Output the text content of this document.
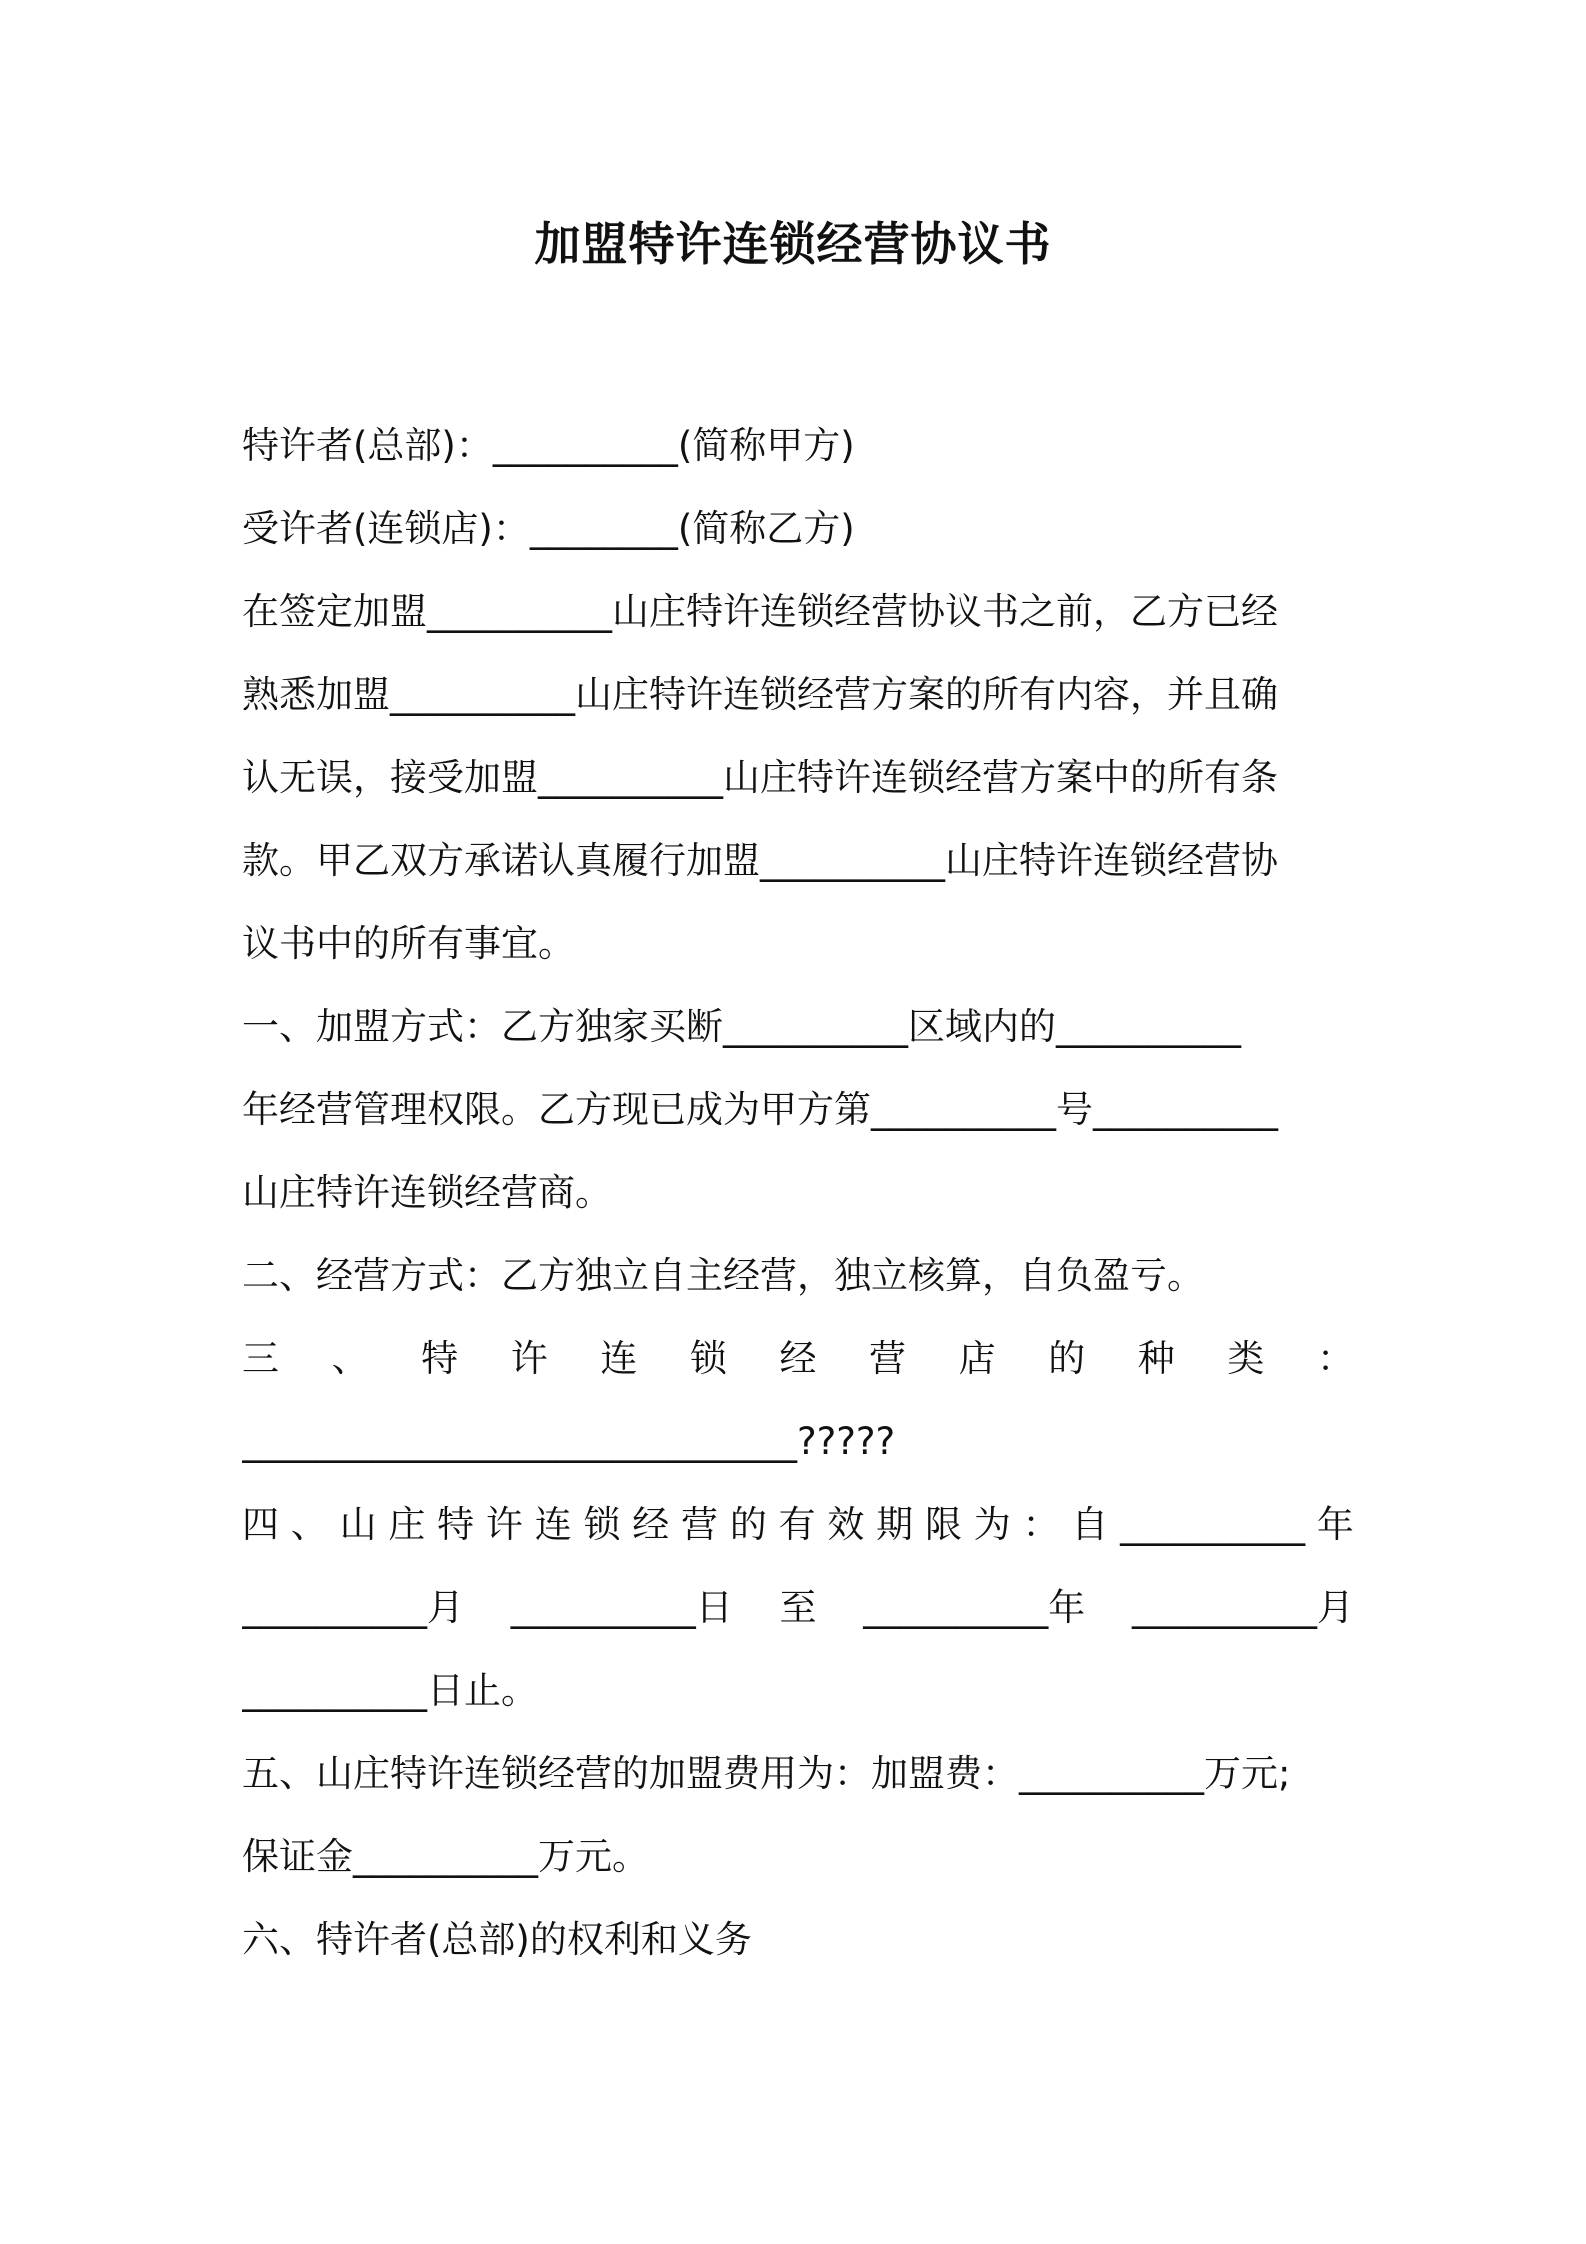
加盟特许连锁经营协议书
特许者(总部)：__________(简称甲方)
受许者(连锁店)：________(简称乙方)
在签定加盟__________山庄特许连锁经营协议书之前，乙方已经
熟悉加盟__________山庄特许连锁经营方案的所有内容，并且确
认无误，接受加盟__________山庄特许连锁经营方案中的所有条
款。甲乙双方承诺认真履行加盟__________山庄特许连锁经营协
议书中的所有事宜。
一、加盟方式：乙方独家买断__________区域内的__________
年经营管理权限。乙方现已成为甲方第__________号__________
山庄特许连锁经营商。
二、经营方式：乙方独立自主经营，独立核算，自负盈亏。
三 、 特 许 连 锁 经 营 店 的 种 类 ：
______________________________?????
四 、 山 庄 特 许 连 锁 经 营 的 有 效 期 限 为 ： 自 __________ 年
__________月 __________日 至 __________年 __________月
__________日止。
五、山庄特许连锁经营的加盟费用为：加盟费：__________万元;
保证金__________万元。
六、特许者(总部)的权利和义务
